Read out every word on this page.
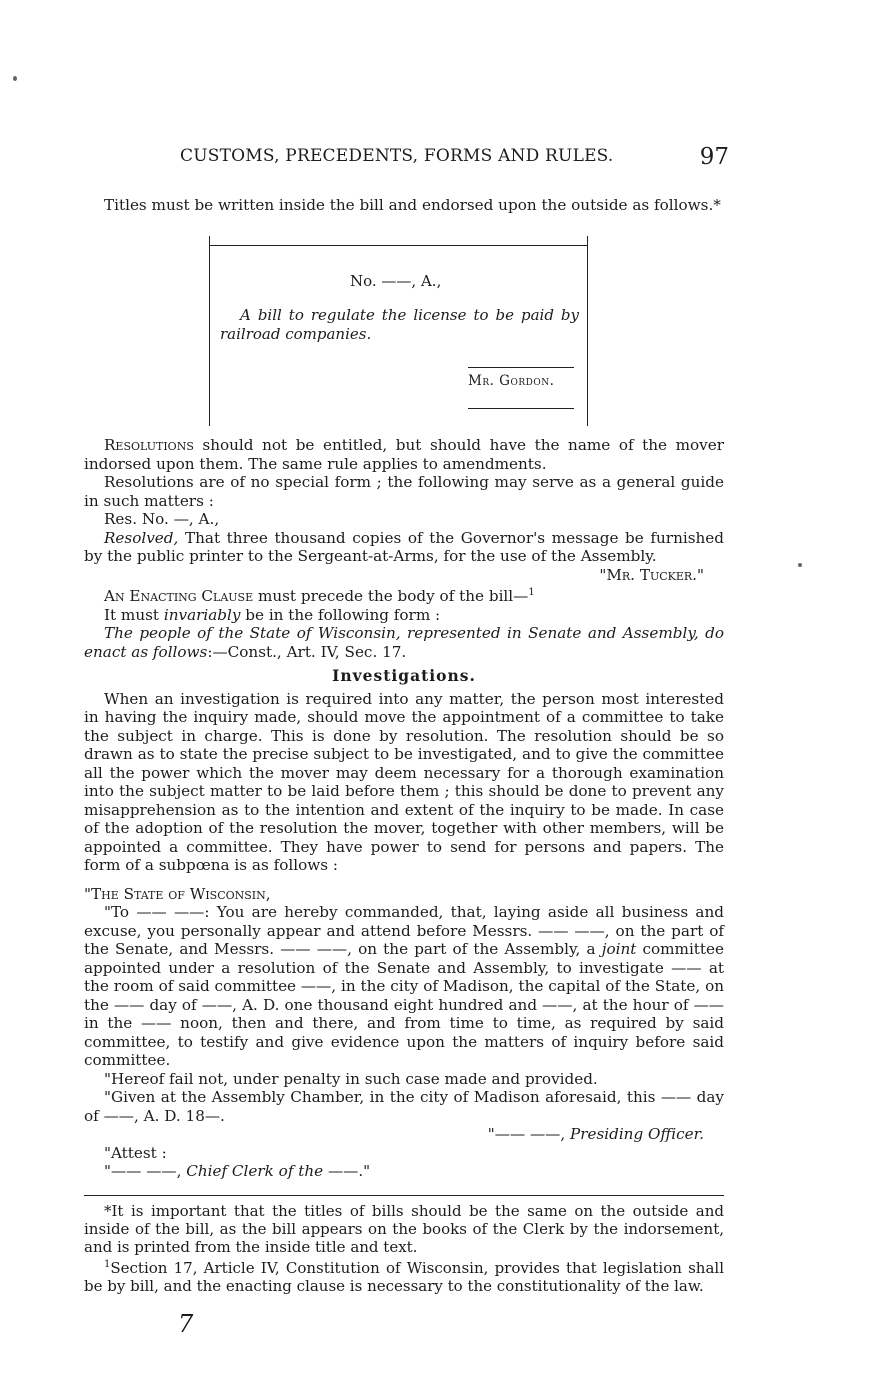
CUSTOMS, PRECEDENTS, FORMS AND RULES.	97

Titles must be written inside the bill and endorsed upon the outside as follows.*

No. ——, A.,
A bill to regulate the license to be paid by railroad companies.
Mr. Gordon.

Resolutions should not be entitled, but should have the name of the mover indorsed upon them. The same rule applies to amendments.

Resolutions are of no special form ; the following may serve as a general guide in such matters :

Res. No. —, A.,

Resolved, That three thousand copies of the Governor's message be furnished by the public printer to the Sergeant-at-Arms, for the use of the Assembly.

"Mr. Tucker."

An Enacting Clause must precede the body of the bill—$^1$

It must invariably be in the following form :

The people of the State of Wisconsin, represented in Senate and Assembly, do enact as follows:—Const., Art. IV, Sec. 17.

Investigations.

When an investigation is required into any matter, the person most interested in having the inquiry made, should move the appointment of a committee to take the subject in charge. This is done by resolution. The resolution should be so drawn as to state the precise subject to be investigated, and to give the committee all the power which the mover may deem necessary for a thorough examination into the subject matter to be laid before them ; this should be done to prevent any misapprehension as to the intention and extent of the inquiry to be made. In case of the adoption of the resolution the mover, together with other members, will be appointed a committee. They have power to send for persons and papers. The form of a subpœna is as follows :

"The State of Wisconsin,

"To —— ——: You are hereby commanded, that, laying aside all business and excuse, you personally appear and attend before Messrs. —— ——, on the part of the Senate, and Messrs. —— ——, on the part of the Assembly, a joint committee appointed under a resolution of the Senate and Assembly, to investigate —— at the room of said committee ——, in the city of Madison, the capital of the State, on the —— day of ——, A. D. one thousand eight hundred and ——, at the hour of —— in the —— noon, then and there, and from time to time, as required by said committee, to testify and give evidence upon the matters of inquiry before said committee.

"Hereof fail not, under penalty in such case made and provided.

"Given at the Assembly Chamber, in the city of Madison aforesaid, this —— day of ——, A. D. 18—.

"—— ——, Presiding Officer.

"Attest :

"—— ——, Chief Clerk of the ——."

*It is important that the titles of bills should be the same on the outside and inside of the bill, as the bill appears on the books of the Clerk by the indorsement, and is printed from the inside title and text.

$^1$Section 17, Article IV, Constitution of Wisconsin, provides that legislation shall be by bill, and the enacting clause is necessary to the constitutionality of the law.

7
